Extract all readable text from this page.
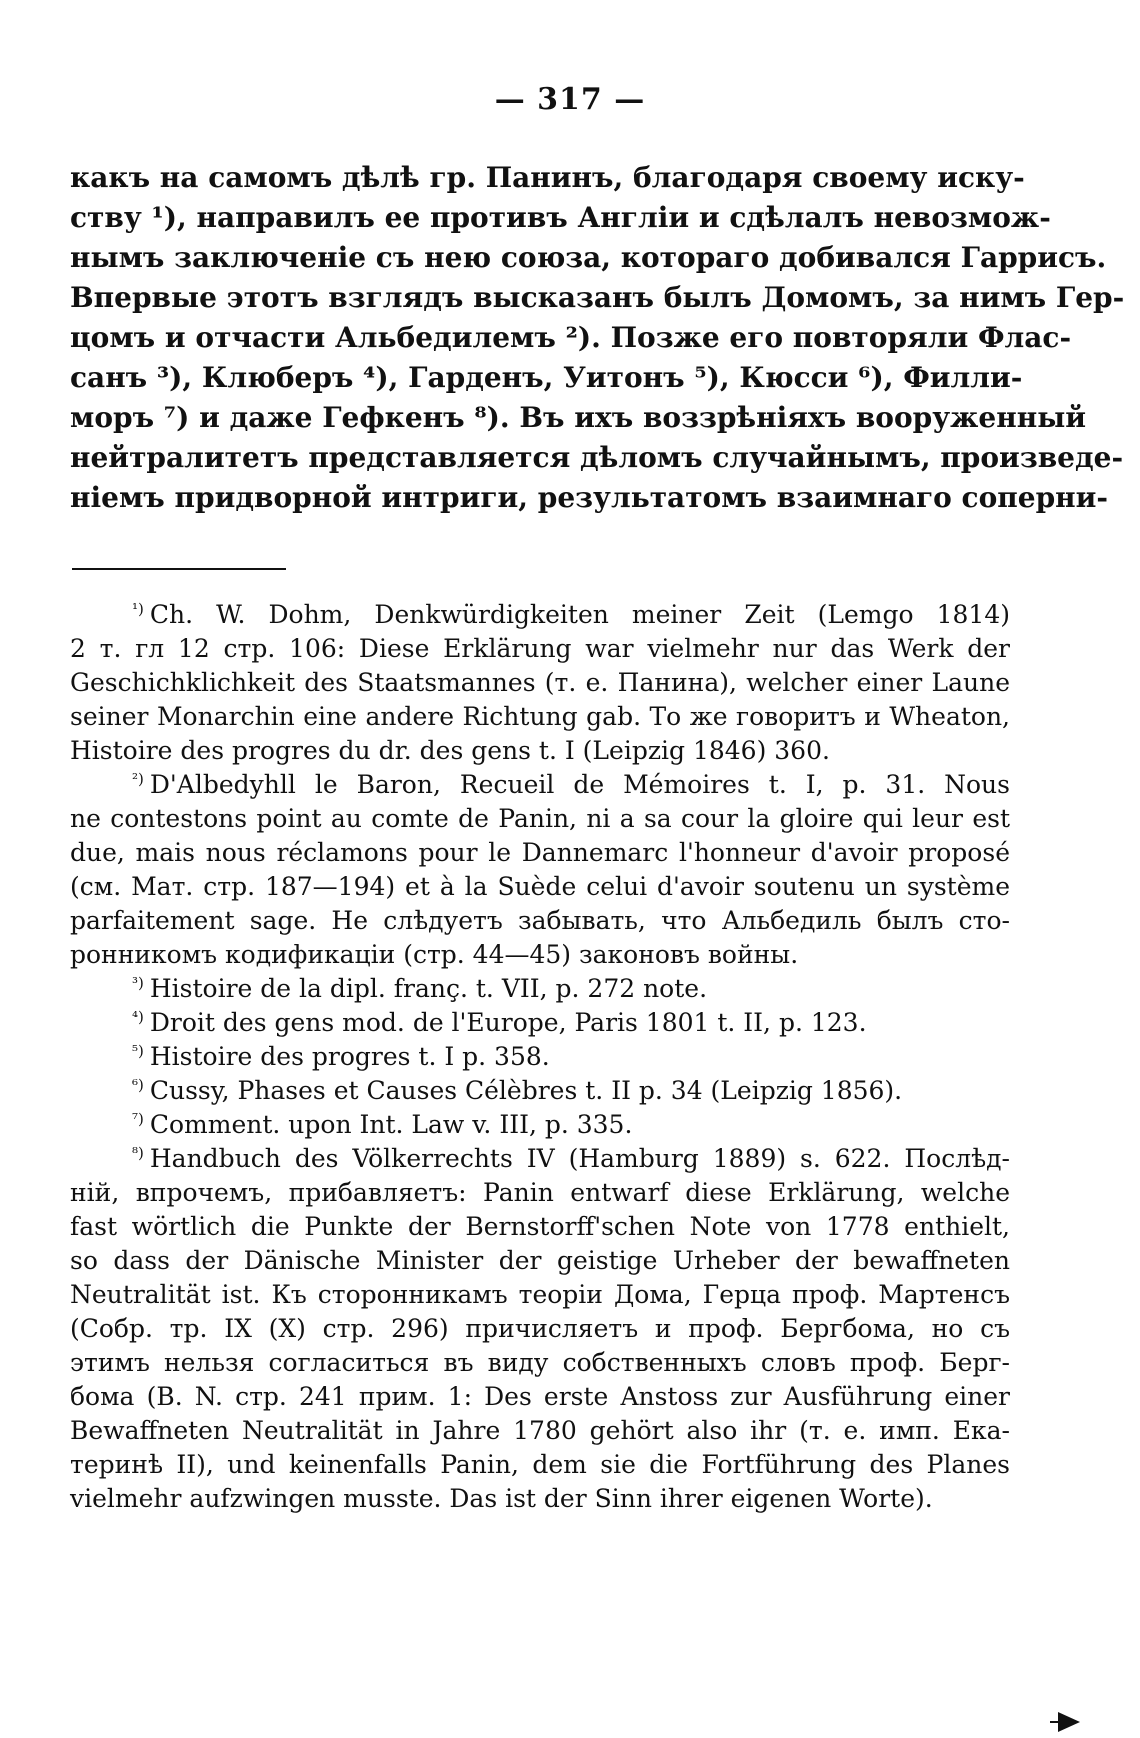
— 317 —
какъ на самомъ дѣлѣ гр. Панинъ, благодаря своему иску-
ству ¹), направилъ ее противъ Англіи и сдѣлалъ невозмож-
нымъ заключеніе съ нею союза, котораго добивался Гаррисъ.
Впервые этотъ взглядъ высказанъ былъ Домомъ, за нимъ Гер-
цомъ и отчасти Альбедилемъ ²). Позже его повторяли Флас-
санъ ³), Клюберъ ⁴), Гарденъ, Уитонъ ⁵), Кюсси ⁶), Филли-
моръ ⁷) и даже Гефкенъ ⁸). Въ ихъ воззрѣніяхъ вооруженный
нейтралитетъ представляется дѣломъ случайнымъ, произведе-
ніемъ придворной интриги, результатомъ взаимнаго соперни-
$^{^1)}$ Ch. W. Dohm, Denkwürdigkeiten meiner Zeit (Lemgo 1814)
2 т. гл 12 стр. 106: Diese Erklärung war vielmehr nur das Werk der
Geschichklichkeit des Staatsmannes (т. е. Панина), welcher einer Laune
seiner Monarchin eine andere Richtung gab. То же говоритъ и Wheaton,
Histoire des progres du dr. des gens t. I (Leipzig 1846) 360.
$^{^2)}$ D'Albedyhll le Baron, Recueil de Mémoires t. I, p. 31. Nous
ne contestons point au comte de Panin, ni a sa cour la gloire qui leur est
due, mais nous réclamons pour le Dannemarc l'honneur d'avoir proposé
(см. Мат. стр. 187—194) et à la Suède celui d'avoir soutenu un système
parfaitement sage. Не слѣдуетъ забывать, что Альбедиль былъ сто-
ронникомъ кодификаціи (стр. 44—45) законовъ войны.
$^{^3)}$ Histoire de la dipl. franç. t. VII, p. 272 note.
$^{^4)}$ Droit des gens mod. de l'Europe, Paris 1801 t. II, p. 123.
$^{^5)}$ Histoire des progres t. I p. 358.
$^{^6)}$ Cussy, Phases et Causes Célèbres t. II p. 34 (Leipzig 1856).
$^{^7)}$ Comment. upon Int. Law v. III, p. 335.
$^{^8)}$ Handbuch des Völkerrechts IV (Hamburg 1889) s. 622. Послѣд-
ній, впрочемъ, прибавляетъ: Panin entwarf diese Erklärung, welche
fast wörtlich die Punkte der Bernstorff'schen Note von 1778 enthielt,
so dass der Dänische Minister der geistige Urheber der bewaffneten
Neutralität ist. Къ сторонникамъ теоріи Дома, Герца проф. Мартенсъ
(Собр. тр. IX (X) стр. 296) причисляетъ и проф. Бергбома, но съ
этимъ нельзя согласиться въ виду собственныхъ словъ проф. Берг-
бома (B. N. стр. 241 прим. 1: Des erste Anstoss zur Ausführung einer
Bewaffneten Neutralität in Jahre 1780 gehört also ihr (т. е. имп. Ека-
теринѣ II), und keinenfalls Panin, dem sie die Fortführung des Planes
vielmehr aufzwingen musste. Das ist der Sinn ihrer eigenen Worte).
